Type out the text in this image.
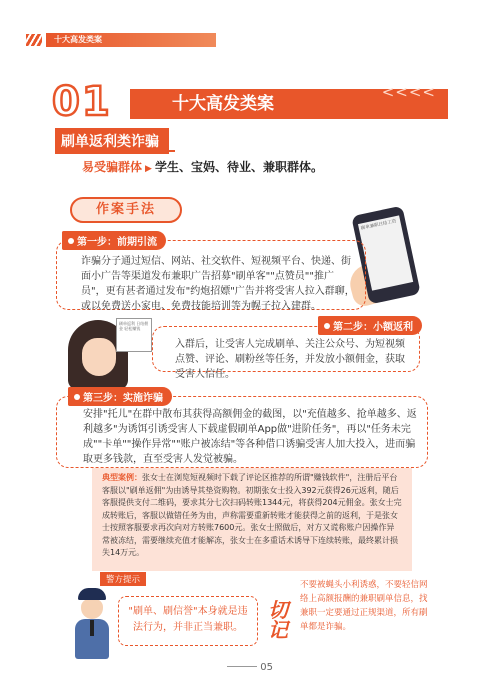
十大高发类案
01	十大高发类案
<<<<
刷单返利类诈骗
易受骗群体 ▶ 学生、宝妈、待业、兼职群体。
作案手法
刷单兼职日结工资
诈骗分子通过短信、网站、社交软件、短视频平台、快递、街面小广告等渠道发布兼职广告招募"刷单客""点赞员""推广员"，更有甚者通过发布"约炮招嫖"广告并将受害人拉入群聊，或以免费送小家电、免费技能培训等为幌子拉入建群。
第一步：前期引流
刷单返利 日结佣金 轻松赚钱
入群后，让受害人完成刷单、关注公众号、为短视频点赞、评论、刷粉丝等任务，并发放小额佣金，获取受害人信任。
第二步：小额返利
安排"托儿"在群中散布其获得高额佣金的截图，以"充值越多、抢单越多、返利越多"为诱饵引诱受害人下载虚假刷单App做"进阶任务"，再以"任务未完成""卡单""操作异常""账户被冻结"等各种借口诱骗受害人加大投入，进而骗取更多钱款，直至受害人发觉被骗。
第三步：实施诈骗
典型案例：张女士在浏览短视频时下载了评论区推荐的所谓"赚钱软件"，注册后平台客服以"刷单返佣"为由诱导其垫资购物。初期张女士投入392元获得26元返利，随后客服提供支付二维码，要求其分七次扫码转账1344元，将获得204元佣金。张女士完成转账后，客服以做错任务为由，声称需要重新转账才能获得之前的返利，于是张女士按照客服要求再次向对方转账7600元。张女士照做后，对方又谎称账户因操作异常被冻结，需要继续充值才能解冻，张女士在多重话术诱导下连续转账，最终累计损失14万元。
警方提示
"刷单、刷信誉"本身就是违法行为，并非正当兼职。
切记
不要被蝇头小利诱惑，不要轻信网络上高额报酬的兼职刷单信息，找兼职一定要通过正规渠道，所有刷单都是诈骗。
05
